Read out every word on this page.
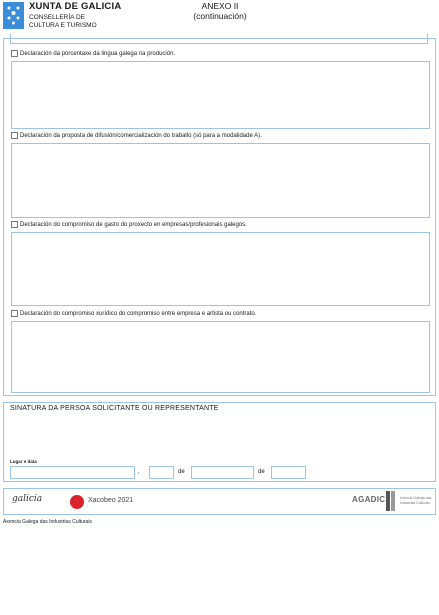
XUNTA DE GALICIA
CONSELLERÍA DE
CULTURA E TURISMO
ANEXO II
(continuación)
Declaración da porcentaxe da lingua galega na produción.
Declaración da proposta de difusión/comercialización do traballo (só para a modalidade A).
Declaración do compromiso de gasto do proxecto en empresas/profesionais galegos.
Declaración do compromiso xurídico do compromiso entre empresa e artista ou contrato.
SINATURA DA PERSOA SOLICITANTE OU REPRESENTANTE
Lugar e data
,	de	de
galicia	Xacobeo 2021	AGADIC	Axencia Galega das Industrias Culturais
Axencia Galega das Industrias Culturais
